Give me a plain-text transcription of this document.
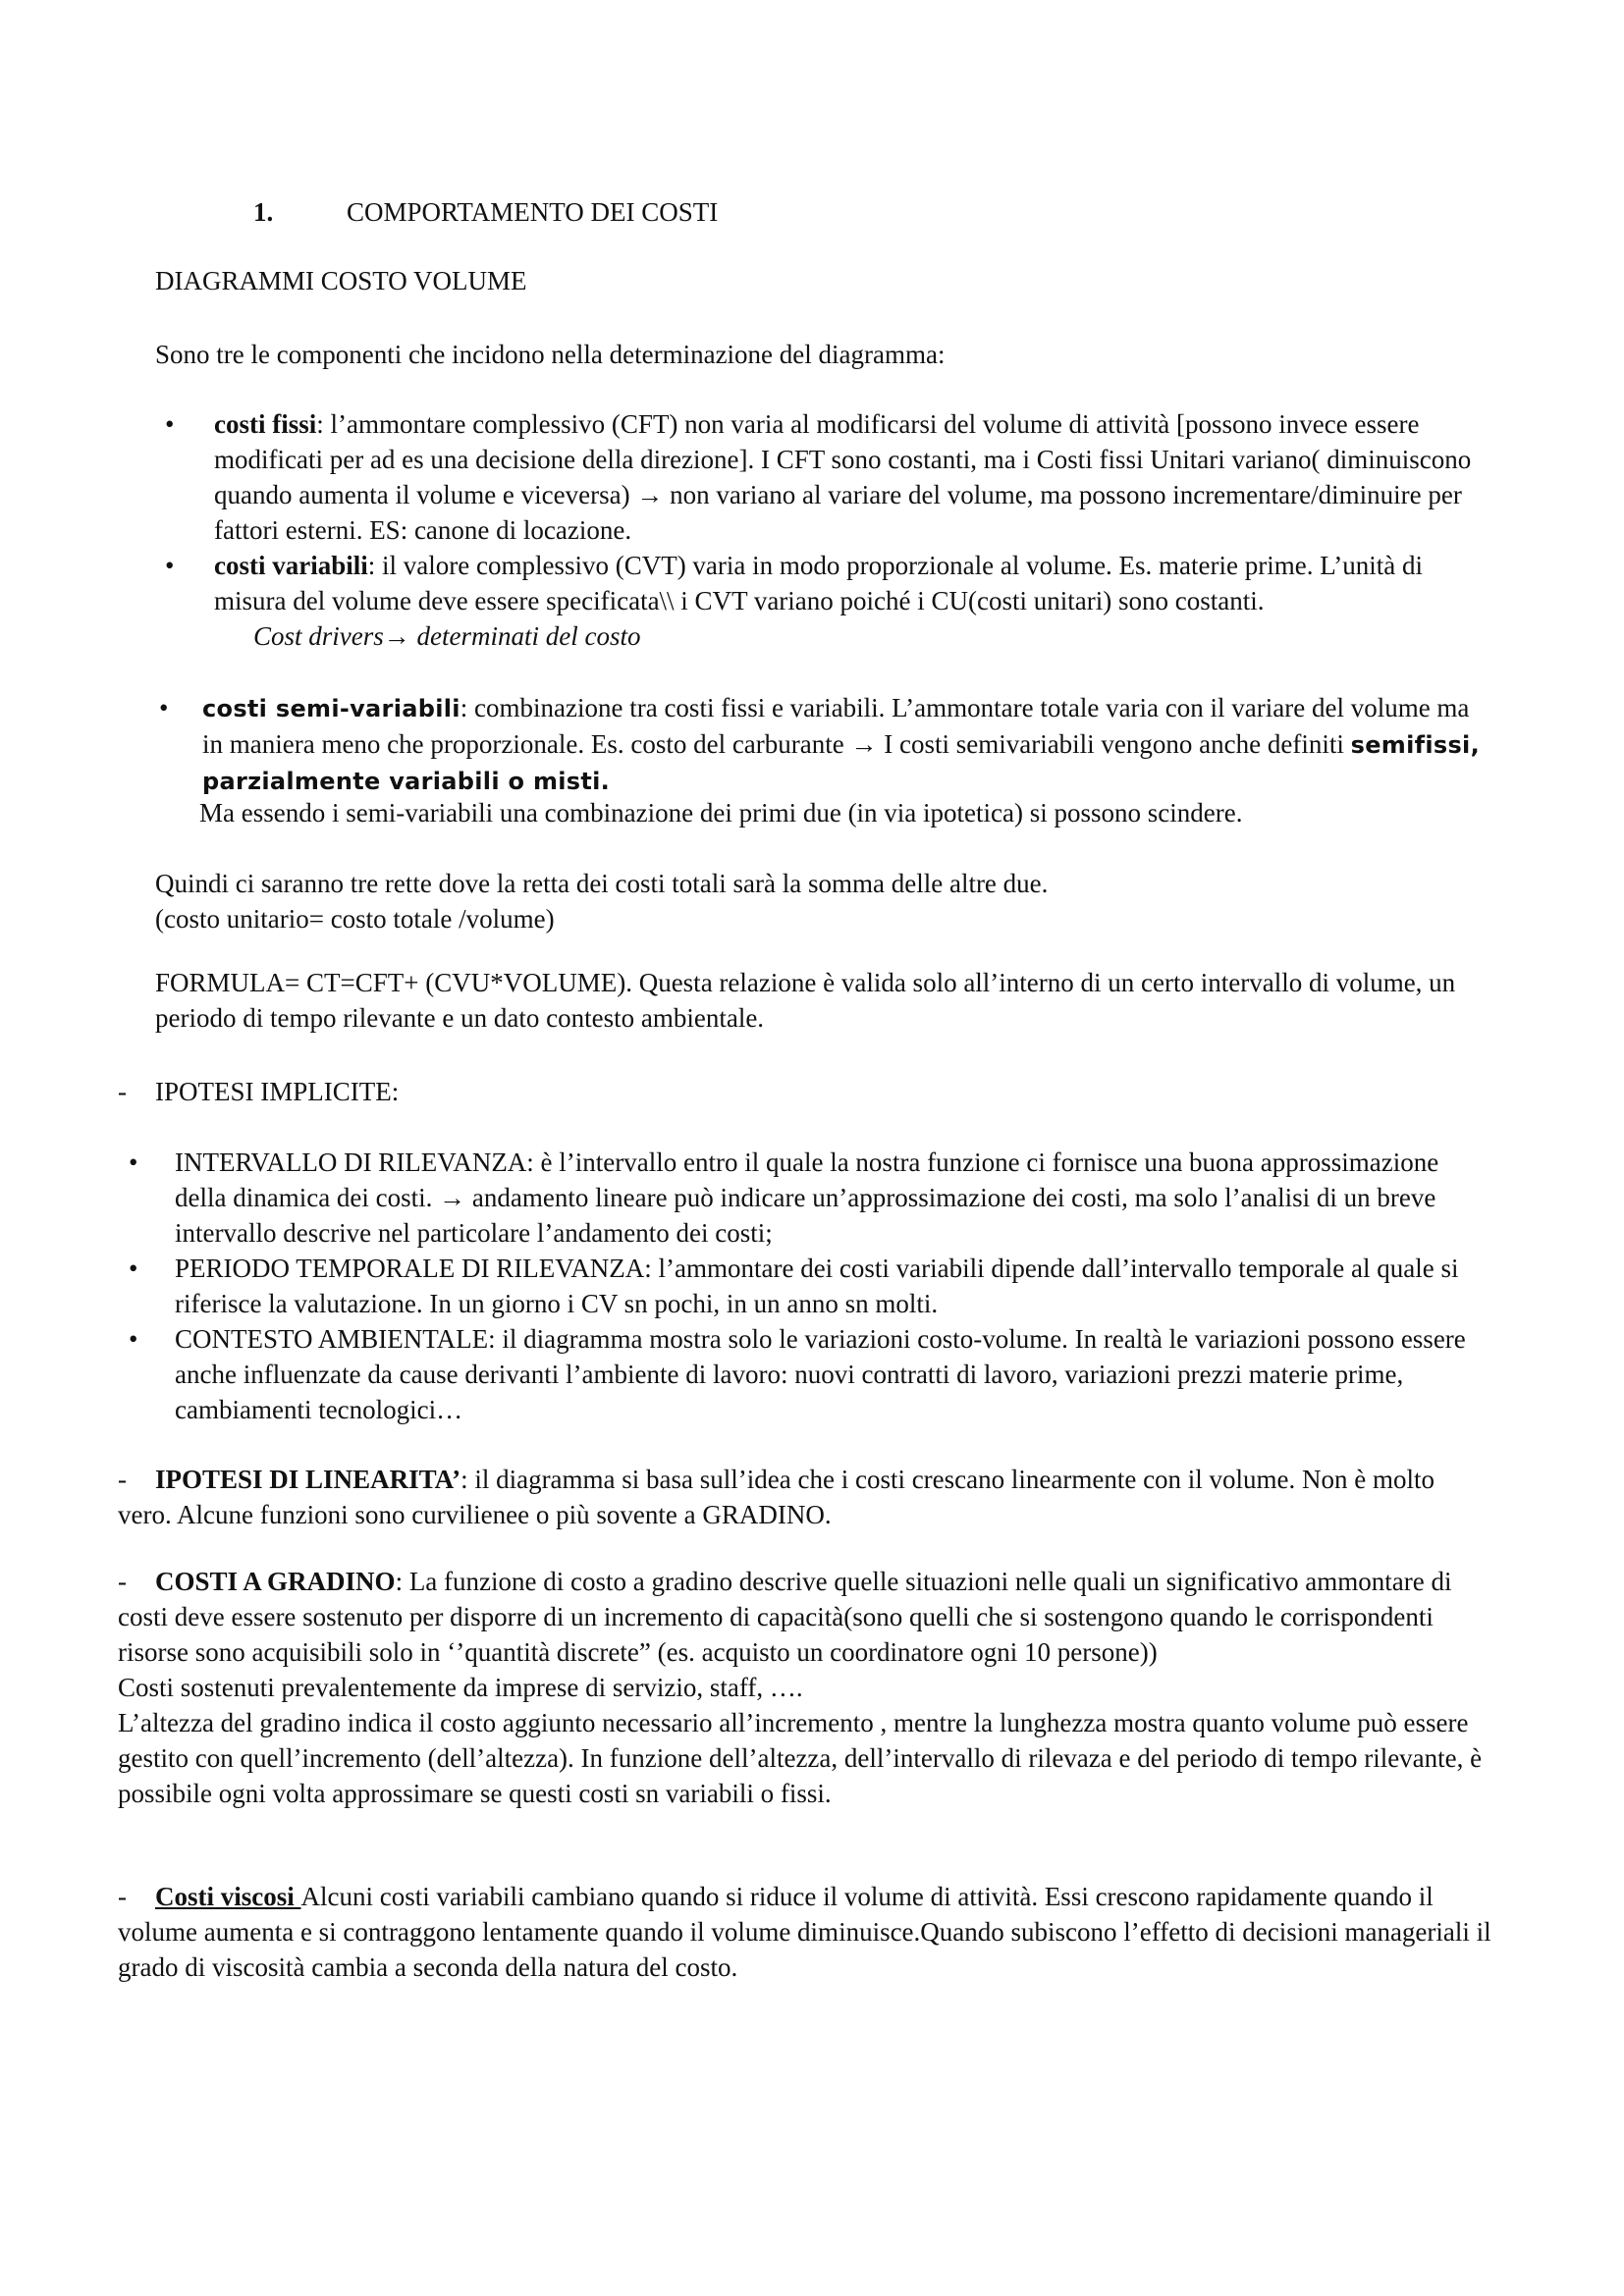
1.	COMPORTAMENTO DEI COSTI
DIAGRAMMI COSTO VOLUME
Sono tre le componenti che incidono nella determinazione del diagramma:
• costi fissi: l’ammontare complessivo (CFT) non varia al modificarsi del volume di attività [possono invece essere modificati per ad es una decisione della direzione]. I CFT sono costanti, ma i Costi fissi Unitari variano( diminuiscono quando aumenta il volume e viceversa) → non variano al variare del volume, ma possono incrementare/diminuire per fattori esterni. ES: canone di locazione.
• costi variabili: il valore complessivo (CVT) varia in modo proporzionale al volume. Es. materie prime. L’unità di misura del volume deve essere specificata\\ i CVT variano poiché i CU(costi unitari) sono costanti.
Cost drivers→ determinati del costo
• costi semi-variabili: combinazione tra costi fissi e variabili. L’ammontare totale varia con il variare del volume ma in maniera meno che proporzionale. Es. costo del carburante → I costi semivariabili vengono anche definiti semifissi, parzialmente variabili o misti.
Ma essendo i semi-variabili una combinazione dei primi due (in via ipotetica) si possono scindere.

Quindi ci saranno tre rette dove la retta dei costi totali sarà la somma delle altre due.

(costo unitario= costo totale /volume)

FORMULA= CT=CFT+ (CVU*VOLUME). Questa relazione è valida solo all’interno di un certo intervallo di volume, un periodo di tempo rilevante e un dato contesto ambientale.
- IPOTESI IMPLICITE:
• INTERVALLO DI RILEVANZA: è l’intervallo entro il quale la nostra funzione ci fornisce una buona approssimazione della dinamica dei costi. → andamento lineare può indicare un’approssimazione dei costi, ma solo l’analisi di un breve intervallo descrive nel particolare l’andamento dei costi;
• PERIODO TEMPORALE DI RILEVANZA: l’ammontare dei costi variabili dipende dall’intervallo temporale al quale si riferisce la valutazione. In un giorno i CV sn pochi, in un anno sn molti.
• CONTESTO AMBIENTALE: il diagramma mostra solo le variazioni costo-volume. In realtà le variazioni possono essere anche influenzate da cause derivanti l’ambiente di lavoro: nuovi contratti di lavoro, variazioni prezzi materie prime, cambiamenti tecnologici…
- IPOTESI DI LINEARITA’: il diagramma si basa sull’idea che i costi crescano linearmente con il volume. Non è molto vero. Alcune funzioni sono curvilienee o più sovente a GRADINO.

- COSTI A GRADINO: La funzione di costo a gradino descrive quelle situazioni nelle quali un significativo ammontare di costi deve essere sostenuto per disporre di un incremento di capacità(sono quelli che si sostengono quando le corrispondenti risorse sono acquisibili solo in ‘’quantità discrete” (es. acquisto un coordinatore ogni 10 persone))

Costi sostenuti prevalentemente da imprese di servizio, staff, ….

L’altezza del gradino indica il costo aggiunto necessario all’incremento , mentre la lunghezza mostra quanto volume può essere gestito con quell’incremento (dell’altezza). In funzione dell’altezza, dell’intervallo di rilevaza e del periodo di tempo rilevante, è possibile ogni volta approssimare se questi costi sn variabili o fissi.

- Costi viscosi Alcuni costi variabili cambiano quando si riduce il volume di attività. Essi crescono rapidamente quando il volume aumenta e si contraggono lentamente quando il volume diminuisce.Quando subiscono l’effetto di decisioni manageriali il grado di viscosità cambia a seconda della natura del costo.
